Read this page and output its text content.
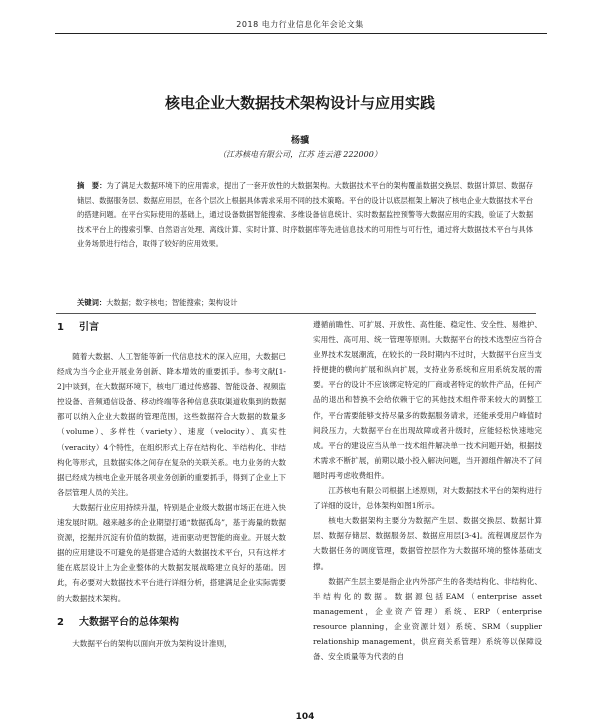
2018 电力行业信息化年会论文集
核电企业大数据技术架构设计与应用实践
杨骥
（江苏核电有限公司，江苏 连云港 222000）
摘　要：为了满足大数据环境下的应用需求，提出了一套开放性的大数据架构。大数据技术平台的架构覆盖数据交换层、数据计算层、数据存储层、数据服务层、数据应用层，在各个层次上根据具体需求采用不同的技术策略。平台的设计以底层框架上解决了核电企业大数据技术平台的搭建问题。在平台实际使用的基础上，通过设备数据智能搜索、多维设备信息统计、实时数据监控预警等大数据应用的实践，验证了大数据技术平台上的搜索引擎、自然语言处理、离线计算、实时计算、时序数据库等先进信息技术的可用性与可行性，通过将大数据技术平台与具体业务场景进行结合，取得了较好的应用效果。
关键词：大数据；数字核电；智能搜索；架构设计
1 引言

随着大数据、人工智能等新一代信息技术的深入应用，大数据已经成为当今企业开展业务创新、降本增效的重要抓手。参考文献[1-2]中谈到，在大数据环境下，核电厂通过传感器、智能设备、视频监控设备、音频通信设备、移动终端等各种信息获取渠道收集到的数据都可以纳入企业大数据的管理范围，这些数据符合大数据的数量多（volume）、多样性（variety）、速度（velocity）、真实性（veracity）4个特性，在组织形式上存在结构化、半结构化、非结构化等形式，且数据实体之间存在复杂的关联关系。电力业务的大数据已经成为核电企业开展各项业务创新的重要抓手，得到了企业上下各层管理人员的关注。

大数据行业应用持续升温，特别是企业级大数据市场正在进入快速发展时期。越来越多的企业期望打通“数据孤岛”，基于海量的数据资源，挖掘并沉淀有价值的数据，进而驱动更智能的商业。开展大数据的应用建设不可避免的是搭建合适的大数据技术平台，只有这样才能在底层设计上为企业整体的大数据发展战略建立良好的基础。因此，有必要对大数据技术平台进行详细分析，搭建满足企业实际需要的大数据技术架构。

2 大数据平台的总体架构

大数据平台的架构以面向开放为架构设计准则，

遵循前瞻性、可扩展、开放性、高性能、稳定性、安全性、易维护、实用性、高可用、统一管理等原则。大数据平台的技术选型应当符合业界技术发展潮流，在较长的一段时期内不过时，大数据平台应当支持便捷的横向扩展和纵向扩展，支持业务系统和应用系统发展的需要。平台的设计不应该绑定特定的厂商或者特定的软件产品，任何产品的退出和替换不会给依赖于它的其他技术组件带来较大的调整工作，平台需要能够支持尽量多的数据服务请求，还能承受用户峰值时间段压力，大数据平台在出现故障或者升级时，应能轻松快速地完成。平台的建设应当从单一技术组件解决单一技术问题开始，根据技术需求不断扩展，前期以最小投入解决问题，当开源组件解决不了问题时再考虑收费组件。

江苏核电有限公司根据上述原则，对大数据技术平台的架构进行了详细的设计，总体架构如图1所示。

核电大数据架构主要分为数据产生层、数据交换层、数据计算层、数据存储层、数据服务层、数据应用层[3-4]。流程调度层作为大数据任务的调度管理，数据管控层作为大数据环境的整体基础支撑。

数据产生层主要是指企业内外部产生的各类结构化、非结构化、半结构化的数据。数据源包括EAM（enterprise asset management，企业资产管理）系统、ERP（enterprise resource planning，企业资源计划）系统、SRM（supplier relationship management，供应商关系管理）系统等以保障设备、安全质量等为代表的自

104
